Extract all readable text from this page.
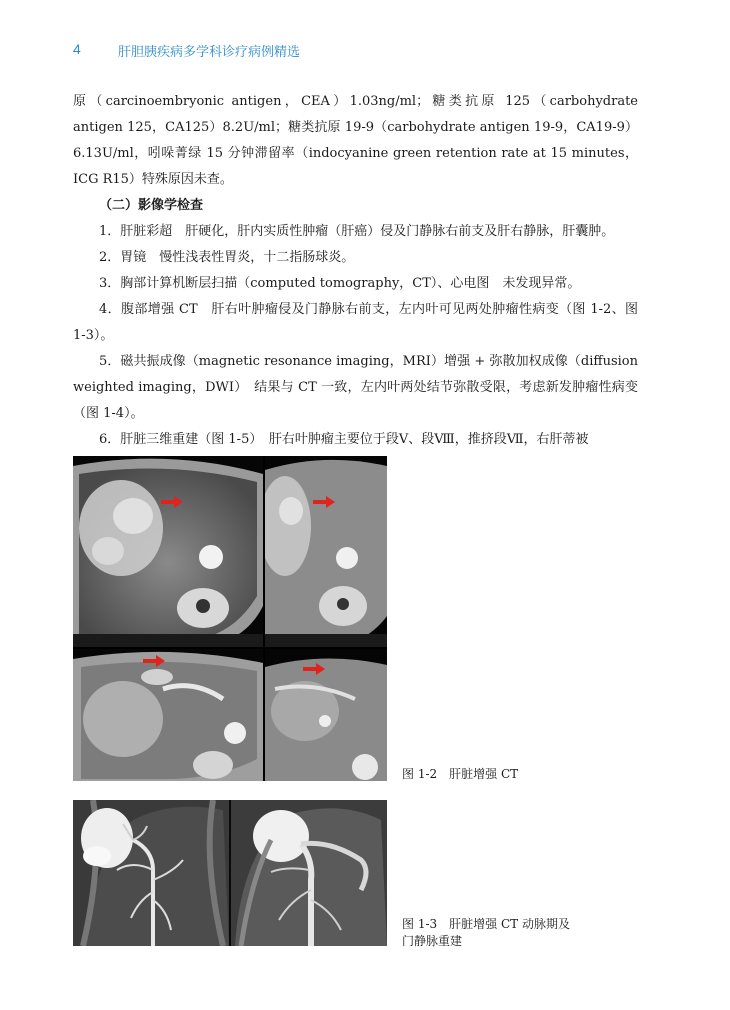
4	肝胆胰疾病多学科诊疗病例精选

原（carcinoembryonic antigen，CEA）1.03ng/ml；糖类抗原 125（carbohydrate antigen 125，CA125）8.2U/ml；糖类抗原 19-9（carbohydrate antigen 19-9，CA19-9）6.13U/ml，吲哚菁绿 15 分钟滞留率（indocyanine green retention rate at 15 minutes，ICG R15）特殊原因未查。

（二）影像学检查

1．肝脏彩超　肝硬化，肝内实质性肿瘤（肝癌）侵及门静脉右前支及肝右静脉，肝囊肿。

2．胃镜　慢性浅表性胃炎，十二指肠球炎。

3．胸部计算机断层扫描（computed tomography，CT）、心电图　未发现异常。

4．腹部增强 CT　肝右叶肿瘤侵及门静脉右前支，左内叶可见两处肿瘤性病变（图 1-2、图 1-3）。

5．磁共振成像（magnetic resonance imaging，MRI）增强 + 弥散加权成像（diffusion weighted imaging，DWI）　结果与 CT 一致，左内叶两处结节弥散受限，考虑新发肿瘤性病变（图 1-4）。

6．肝脏三维重建（图 1-5）　肝右叶肿瘤主要位于段Ⅴ、段Ⅷ，推挤段Ⅶ，右肝蒂被

图 1-2　肝脏增强 CT
图 1-3　肝脏增强 CT 动脉期及
门静脉重建
